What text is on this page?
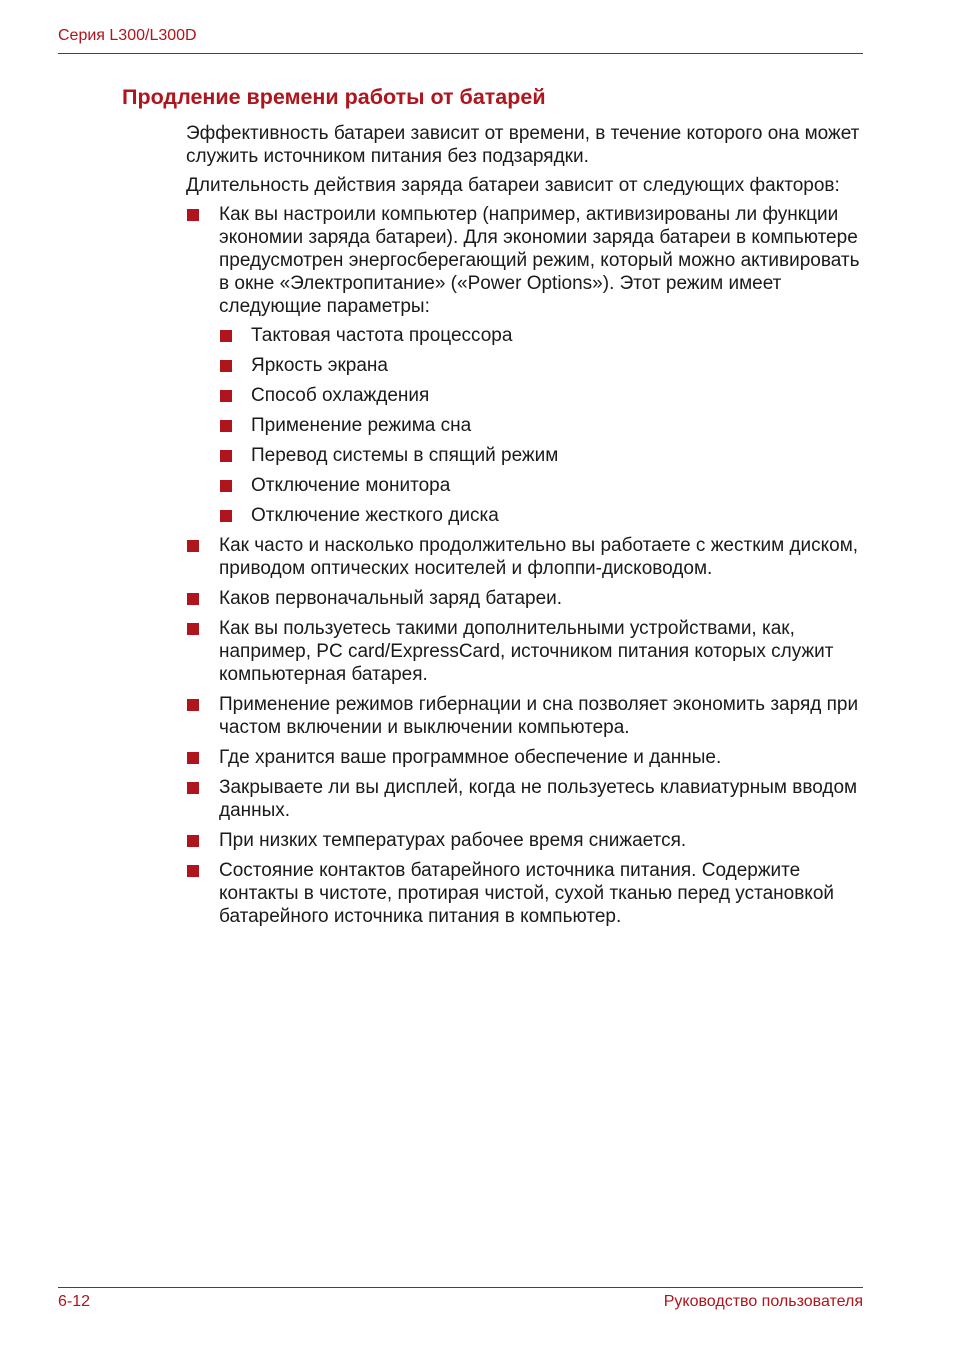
Серия L300/L300D
Продление времени работы от батарей

Эффективность батареи зависит от времени, в течение которого она может служить источником питания без подзарядки.

Длительность действия заряда батареи зависит от следующих факторов:

Как вы настроили компьютер (например, активизированы ли функции экономии заряда батареи). Для экономии заряда батареи в компьютере предусмотрен энергосберегающий режим, который можно активировать в окне «Электропитание» («Power Options»). Этот режим имеет следующие параметры:
Тактовая частота процессора
Яркость экрана
Способ охлаждения
Применение режима сна
Перевод системы в спящий режим
Отключение монитора
Отключение жесткого диска
Как часто и насколько продолжительно вы работаете с жестким диском, приводом оптических носителей и флоппи-дисководом.
Каков первоначальный заряд батареи.
Как вы пользуетесь такими дополнительными устройствами, как, например, PC card/ExpressCard, источником питания которых служит компьютерная батарея.
Применение режимов гибернации и сна позволяет экономить заряд при частом включении и выключении компьютера.
Где хранится ваше программное обеспечение и данные.
Закрываете ли вы дисплей, когда не пользуетесь клавиатурным вводом данных.
При низких температурах рабочее время снижается.
Состояние контактов батарейного источника питания. Содержите контакты в чистоте, протирая чистой, сухой тканью перед установкой батарейного источника питания в компьютер.
6-12	Руководство пользователя
